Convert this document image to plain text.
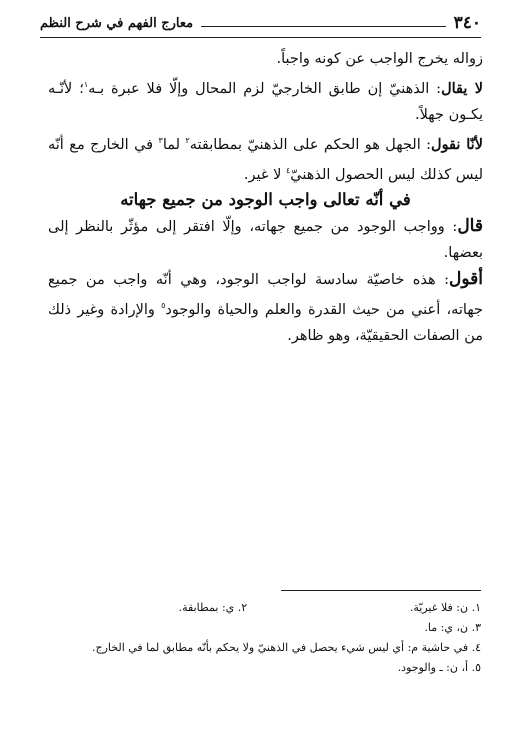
٣٤٠
معارج الفهم في شرح النظم

زواله يخرج الواجب عن كونه واجباً.

لا يقال: الذهنيّ إن طابق الخارجيّ لزم المحال وإلّا فلا عبرة بـه$^١$؛ لأنّـه يكـون جهلاً.

لأنّا نقول: الجهل هو الحكم على الذهنيّ بمطابقته$^٢$ لما$^٣$ في الخارج مع أنّه ليس كذلك ليس الحصول الذهنيّ$^٤$ لا غير.

في أنّه تعالى واجب الوجود من جميع جهاته

قال: وواجب الوجود من جميع جهاته، وإلّا افتقر إلى مؤثّر بالنظر إلى بعضها.

أقول: هذه خاصيّة سادسة لواجب الوجود، وهي أنّه واجب من جميع جهاته، أعني من حيث القدرة والعلم والحياة والوجود$^٥$ والإرادة وغير ذلك من الصفات الحقيقيّة، وهو ظاهر.

١. ن: فلا غيريّة.
٢. ي: بمطابقة.
٣. ن، ي: ما.
٤. في حاشية م: أي ليس شيء يحصل في الذهنيّ ولا يحكم بأنّه مطابق لما في الخارج.
٥. أ، ن: ـ والوجود.
